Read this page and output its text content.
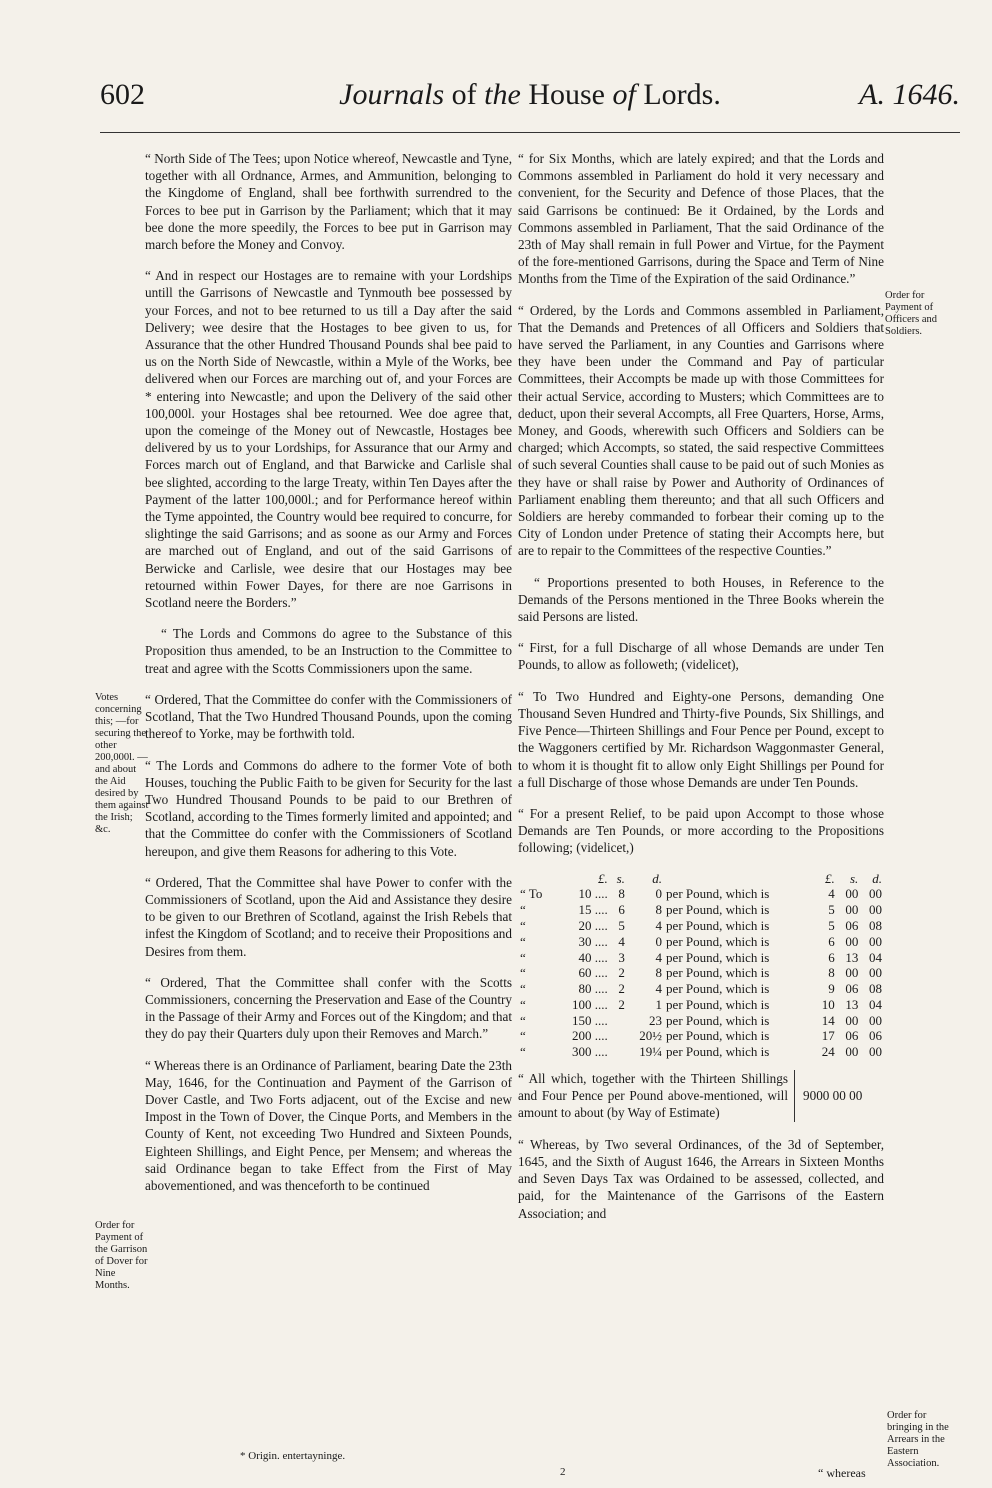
602	Journals of the House of Lords.	A. 1646.
Votes concerning this; —for securing the other 200,000l. —and about the Aid desired by them against the Irish; &c.
Order for Payment of the Garrison of Dover for Nine Months.
Order for Payment of Officers and Soldiers.
Order for bringing in the Arrears in the Eastern Association.

“ North Side of The Tees; upon Notice whereof, Newcastle and Tyne, together with all Ordnance, Armes, and Ammunition, belonging to the Kingdome of England, shall bee forthwith surrendred to the Forces to bee put in Garrison by the Parliament; which that it may bee done the more speedily, the Forces to bee put in Garrison may march before the Money and Convoy.

“ And in respect our Hostages are to remaine with your Lordships untill the Garrisons of Newcastle and Tynmouth bee possessed by your Forces, and not to bee returned to us till a Day after the said Delivery; wee desire that the Hostages to bee given to us, for Assurance that the other Hundred Thousand Pounds shal bee paid to us on the North Side of Newcastle, within a Myle of the Works, bee delivered when our Forces are marching out of, and your Forces are * entering into Newcastle; and upon the Delivery of the said other 100,000l. your Hostages shal bee retourned. Wee doe agree that, upon the comeinge of the Money out of Newcastle, Hostages bee delivered by us to your Lordships, for Assurance that our Army and Forces march out of England, and that Barwicke and Carlisle shal bee slighted, according to the large Treaty, within Ten Dayes after the Payment of the latter 100,000l.; and for Performance hereof within the Tyme appointed, the Country would bee required to concurre, for slightinge the said Garrisons; and as soone as our Army and Forces are marched out of England, and out of the said Garrisons of Berwicke and Carlisle, wee desire that our Hostages may bee retourned within Fower Dayes, for there are noe Garrisons in Scotland neere the Borders.”

“ The Lords and Commons do agree to the Substance of this Proposition thus amended, to be an Instruction to the Committee to treat and agree with the Scotts Commissioners upon the same.

“ Ordered, That the Committee do confer with the Commissioners of Scotland, That the Two Hundred Thousand Pounds, upon the coming thereof to Yorke, may be forthwith told.

“ The Lords and Commons do adhere to the former Vote of both Houses, touching the Public Faith to be given for Security for the last Two Hundred Thousand Pounds to be paid to our Brethren of Scotland, according to the Times formerly limited and appointed; and that the Committee do confer with the Commissioners of Scotland hereupon, and give them Reasons for adhering to this Vote.

“ Ordered, That the Committee shal have Power to confer with the Commissioners of Scotland, upon the Aid and Assistance they desire to be given to our Brethren of Scotland, against the Irish Rebels that infest the Kingdom of Scotland; and to receive their Propositions and Desires from them.

“ Ordered, That the Committee shall confer with the Scotts Commissioners, concerning the Preservation and Ease of the Country in the Passage of their Army and Forces out of the Kingdom; and that they do pay their Quarters duly upon their Removes and March.”

“ Whereas there is an Ordinance of Parliament, bearing Date the 23th May, 1646, for the Continuation and Payment of the Garrison of Dover Castle, and Two Forts adjacent, out of the Excise and new Impost in the Town of Dover, the Cinque Ports, and Members in the County of Kent, not exceeding Two Hundred and Sixteen Pounds, Eighteen Shillings, and Eight Pence, per Mensem; and whereas the said Ordinance began to take Effect from the First of May abovementioned, and was thenceforth to be continued

“ for Six Months, which are lately expired; and that the Lords and Commons assembled in Parliament do hold it very necessary and convenient, for the Security and Defence of those Places, that the said Garrisons be continued: Be it Ordained, by the Lords and Commons assembled in Parliament, That the said Ordinance of the 23th of May shall remain in full Power and Virtue, for the Payment of the fore-mentioned Garrisons, during the Space and Term of Nine Months from the Time of the Expiration of the said Ordinance.”

“ Ordered, by the Lords and Commons assembled in Parliament, That the Demands and Pretences of all Officers and Soldiers that have served the Parliament, in any Counties and Garrisons where they have been under the Command and Pay of particular Committees, their Accompts be made up with those Committees for their actual Service, according to Musters; which Committees are to deduct, upon their several Accompts, all Free Quarters, Horse, Arms, Money, and Goods, wherewith such Officers and Soldiers can be charged; which Accompts, so stated, the said respective Committees of such several Counties shall cause to be paid out of such Monies as they have or shall raise by Power and Authority of Ordinances of Parliament enabling them thereunto; and that all such Officers and Soldiers are hereby commanded to forbear their coming up to the City of London under Pretence of stating their Accompts here, but are to repair to the Committees of the respective Counties.”

“ Proportions presented to both Houses, in Reference to the Demands of the Persons mentioned in the Three Books wherein the said Persons are listed.

“ First, for a full Discharge of all whose Demands are under Ten Pounds, to allow as followeth; (videlicet),

“ To Two Hundred and Eighty-one Persons, demanding One Thousand Seven Hundred and Thirty-five Pounds, Six Shillings, and Five Pence—Thirteen Shillings and Four Pence per Pound, except to the Waggoners certified by Mr. Richardson Waggonmaster General, to whom it is thought fit to allow only Eight Shillings per Pound for a full Discharge of those whose Demands are under Ten Pounds.

“ For a present Relief, to be paid upon Accompt to those whose Demands are Ten Pounds, or more according to the Propositions following; (videlicet,)

	£.	s.	d.		£.	s.	d.
“ To	10 ....	8	0	per Pound, which is	4	00	00
“	15 ....	6	8	per Pound, which is	5	00	00
“	20 ....	5	4	per Pound, which is	5	06	08
“	30 ....	4	0	per Pound, which is	6	00	00
“	40 ....	3	4	per Pound, which is	6	13	04
“	60 ....	2	8	per Pound, which is	8	00	00
“	80 ....	2	4	per Pound, which is	9	06	08
“	100 ....	2	1	per Pound, which is	10	13	04
“	150 ....		23	per Pound, which is	14	00	00
“	200 ....		20½	per Pound, which is	17	06	06
“	300 ....		19¼	per Pound, which is	24	00	00
“ All which, together with the Thirteen Shillings and Four Pence per Pound above-mentioned, will amount to about (by Way of Estimate)
9000 00 00

“ Whereas, by Two several Ordinances, of the 3d of September, 1645, and the Sixth of August 1646, the Arrears in Sixteen Months and Seven Days Tax was Ordained to be assessed, collected, and paid, for the Maintenance of the Garrisons of the Eastern Association; and

* Origin. entertayninge.
2	“ whereas
